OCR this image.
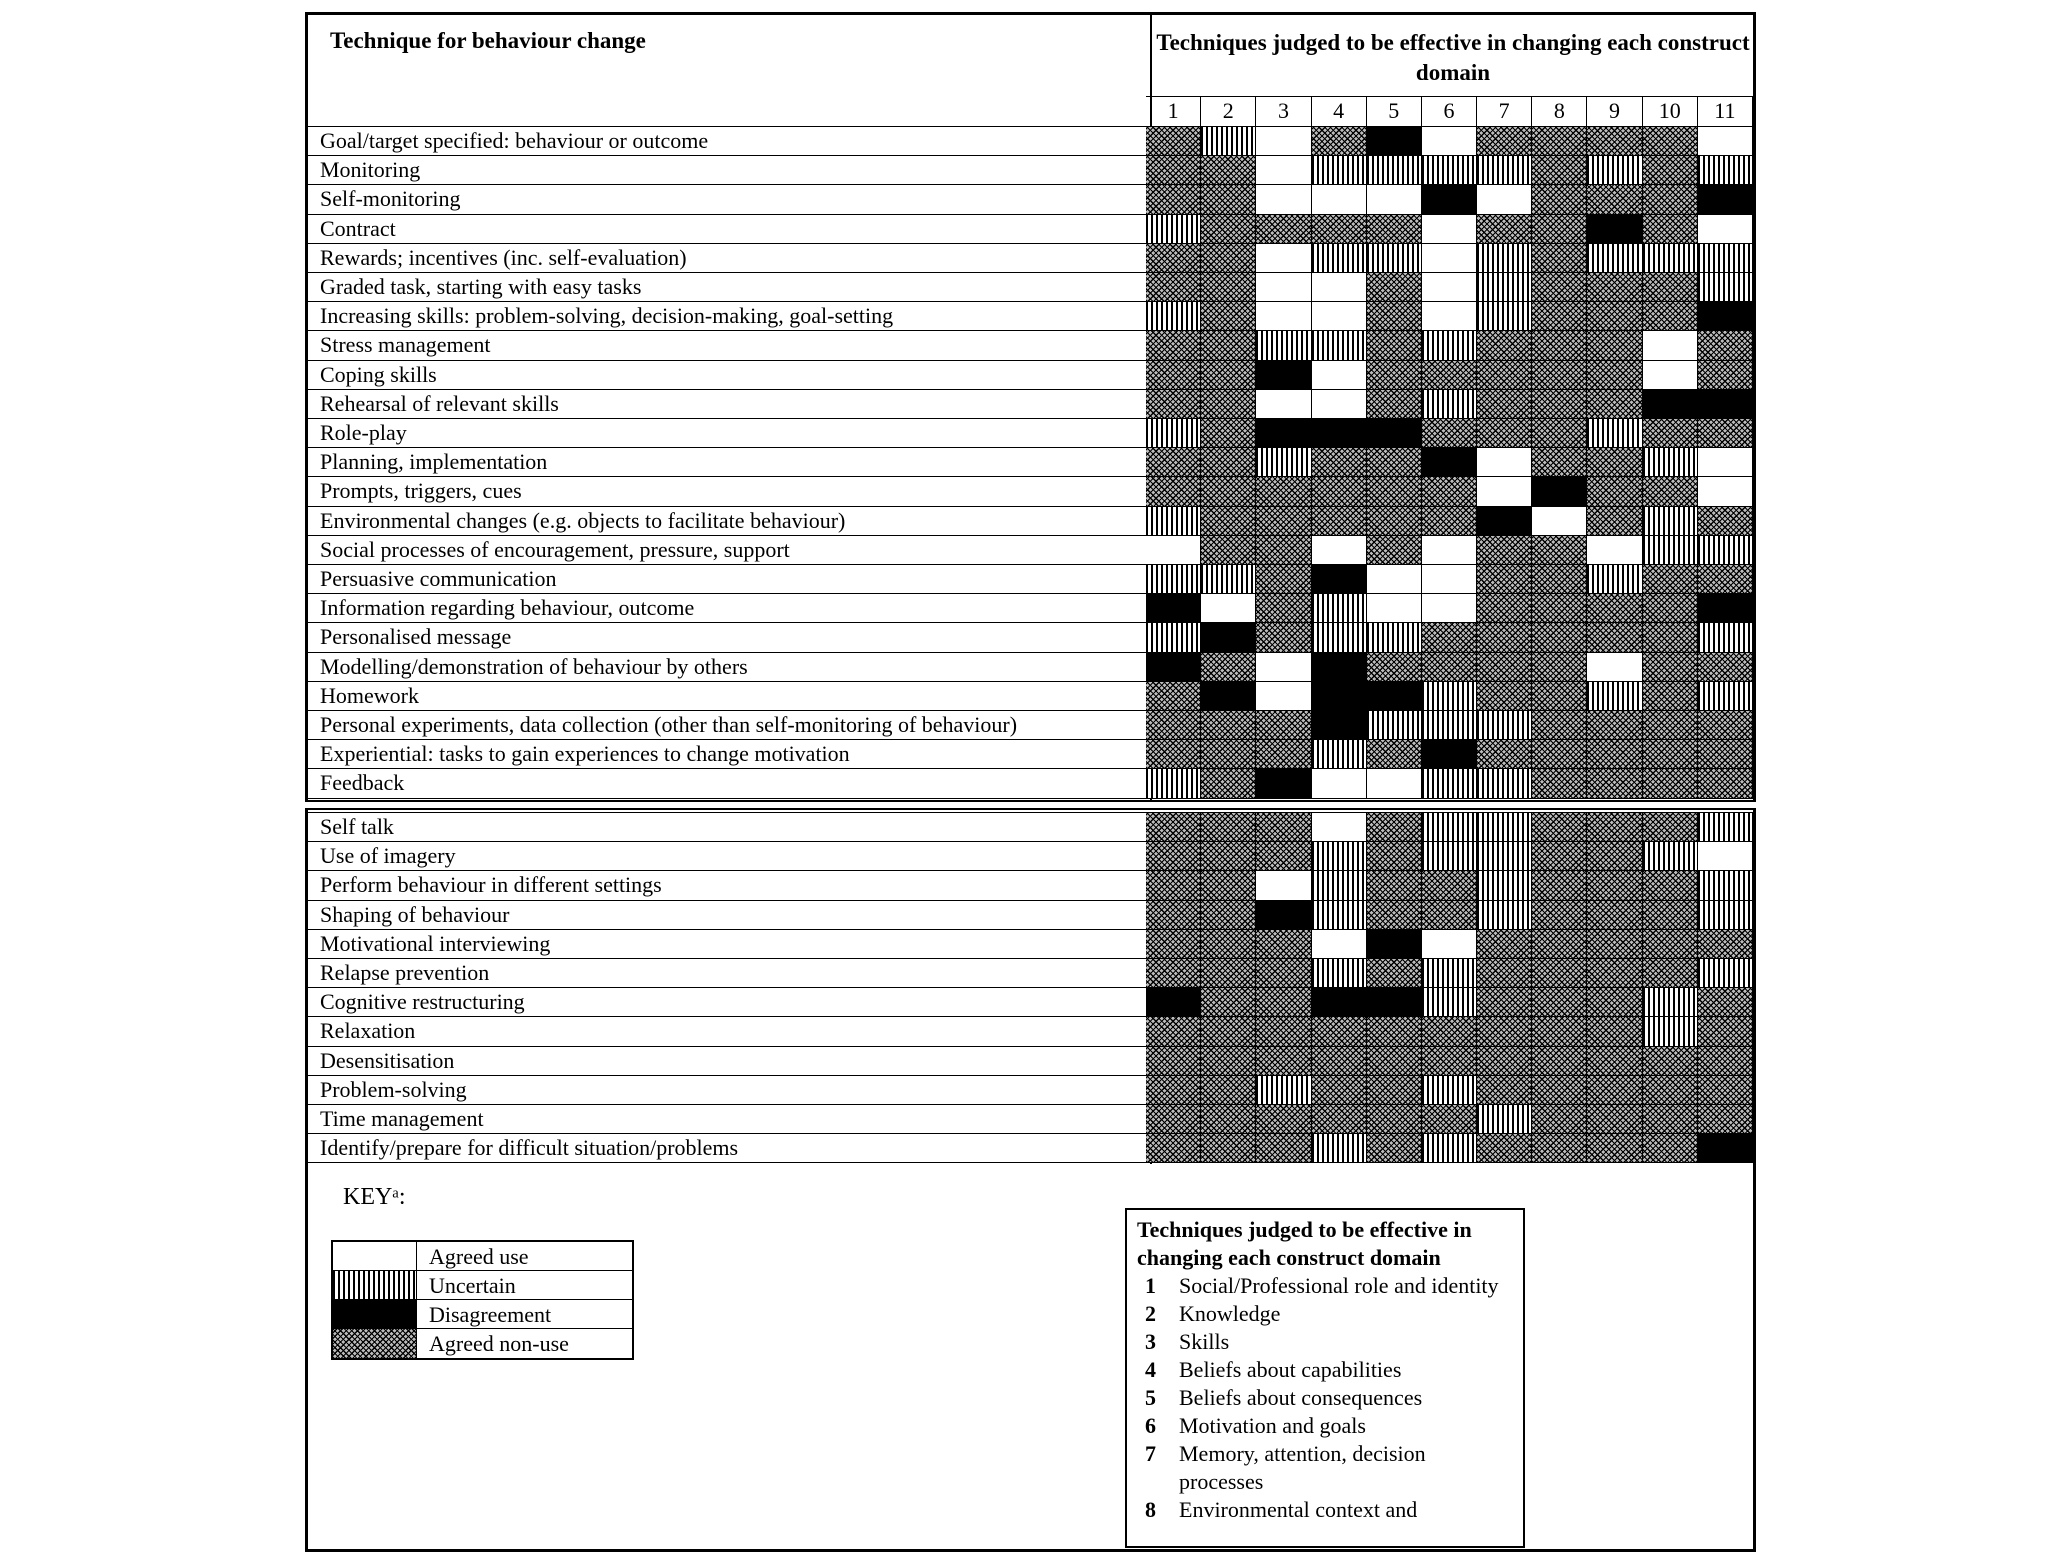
Technique for behaviour change	Techniques judged to be effective in changing each construct domain
1	2	3	4	5	6	7	8	9	10	11
Goal/target specified: behaviour or outcome
Monitoring
Self-monitoring
Contract
Rewards; incentives (inc. self-evaluation)
Graded task, starting with easy tasks
Increasing skills: problem-solving, decision-making, goal-setting
Stress management
Coping skills
Rehearsal of relevant skills
Role-play
Planning, implementation
Prompts, triggers, cues
Environmental changes (e.g. objects to facilitate behaviour)
Social processes of encouragement, pressure, support
Persuasive communication
Information regarding behaviour, outcome
Personalised message
Modelling/demonstration of behaviour by others
Homework
Personal experiments, data collection (other than self-monitoring of behaviour)
Experiential: tasks to gain experiences to change motivation
Feedback
Self talk
Use of imagery
Perform behaviour in different settings
Shaping of behaviour
Motivational interviewing
Relapse prevention
Cognitive restructuring
Relaxation
Desensitisation
Problem-solving
Time management
Identify/prepare for difficult situation/problems
KEYᵃ:
Agreed use
Uncertain
Disagreement
Agreed non-use
Techniques judged to be effective in changing each construct domain
1	Social/Professional role and identity
2	Knowledge
3	Skills
4	Beliefs about capabilities
5	Beliefs about consequences
6	Motivation and goals
7	Memory, attention, decision processes
8	Environmental context and
